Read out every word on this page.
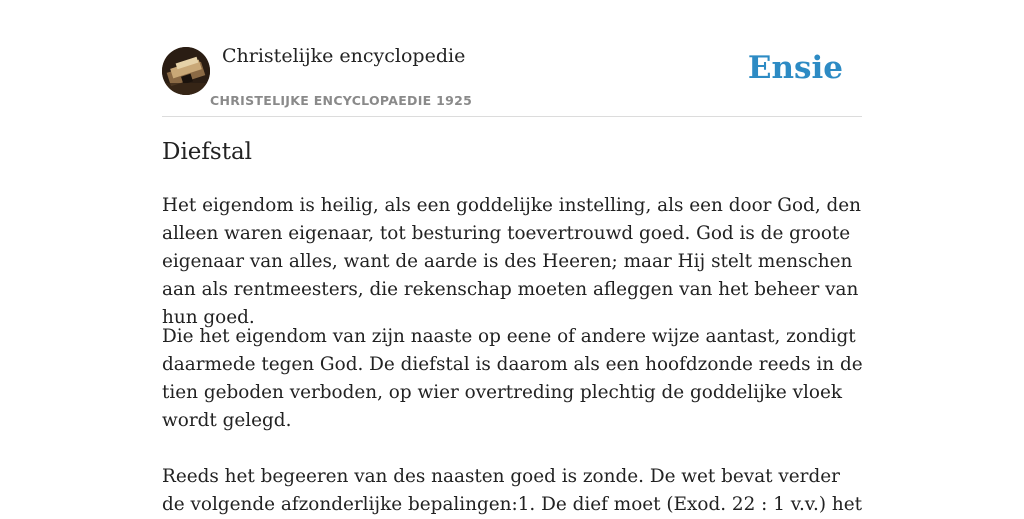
Christelijke encyclopedie
CHRISTELIJKE ENCYCLOPAEDIE 1925
Ensie
Diefstal

Het eigendom is heilig, als een goddelijke instelling, als een door God, den alleen waren eigenaar, tot besturing toevertrouwd goed. God is de groote eigenaar van alles, want de aarde is des Heeren; maar Hij stelt menschen aan als rentmeesters, die rekenschap moeten afleggen van het beheer van hun goed.

Die het eigendom van zijn naaste op eene of andere wijze aantast, zondigt daarmede tegen God. De diefstal is daarom als een hoofdzonde reeds in de tien geboden verboden, op wier overtreding plechtig de goddelijke vloek wordt gelegd.

Reeds het begeeren van des naasten goed is zonde. De wet bevat verder de volgende afzonderlijke bepalingen:1. De dief moet (Exod. 22 : 1 v.v.) het
